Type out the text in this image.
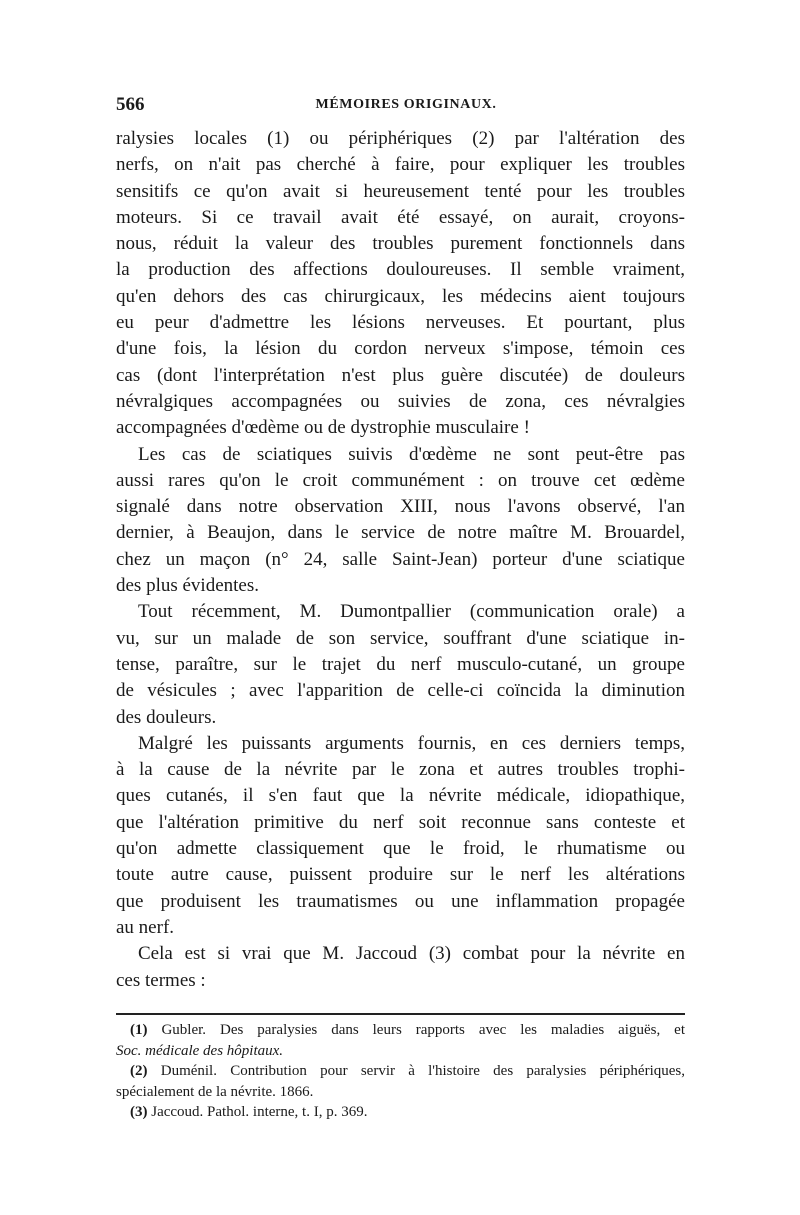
566	MÉMOIRES ORIGINAUX.
ralysies locales (1) ou périphériques (2) par l'altération des
nerfs, on n'ait pas cherché à faire, pour expliquer les troubles
sensitifs ce qu'on avait si heureusement tenté pour les troubles
moteurs. Si ce travail avait été essayé, on aurait, croyons-
nous, réduit la valeur des troubles purement fonctionnels dans
la production des affections douloureuses. Il semble vraiment,
qu'en dehors des cas chirurgicaux, les médecins aient toujours
eu peur d'admettre les lésions nerveuses. Et pourtant, plus
d'une fois, la lésion du cordon nerveux s'impose, témoin ces
cas (dont l'interprétation n'est plus guère discutée) de douleurs
névralgiques accompagnées ou suivies de zona, ces névralgies
accompagnées d'œdème ou de dystrophie musculaire !
Les cas de sciatiques suivis d'œdème ne sont peut-être pas
aussi rares qu'on le croit communément : on trouve cet œdème
signalé dans notre observation XIII, nous l'avons observé, l'an
dernier, à Beaujon, dans le service de notre maître M. Brouardel,
chez un maçon (n° 24, salle Saint-Jean) porteur d'une sciatique
des plus évidentes.
Tout récemment, M. Dumontpallier (communication orale) a
vu, sur un malade de son service, souffrant d'une sciatique in-
tense, paraître, sur le trajet du nerf musculo-cutané, un groupe
de vésicules ; avec l'apparition de celle-ci coïncida la diminution
des douleurs.
Malgré les puissants arguments fournis, en ces derniers temps,
à la cause de la névrite par le zona et autres troubles trophi-
ques cutanés, il s'en faut que la névrite médicale, idiopathique,
que l'altération primitive du nerf soit reconnue sans conteste et
qu'on admette classiquement que le froid, le rhumatisme ou
toute autre cause, puissent produire sur le nerf les altérations
que produisent les traumatismes ou une inflammation propagée
au nerf.
Cela est si vrai que M. Jaccoud (3) combat pour la névrite en
ces termes :
(1) Gubler. Des paralysies dans leurs rapports avec les maladies aiguës, et
Soc. médicale des hôpitaux.
(2) Duménil. Contribution pour servir à l'histoire des paralysies périphériques,
spécialement de la névrite. 1866.
(3) Jaccoud. Pathol. interne, t. I, p. 369.
